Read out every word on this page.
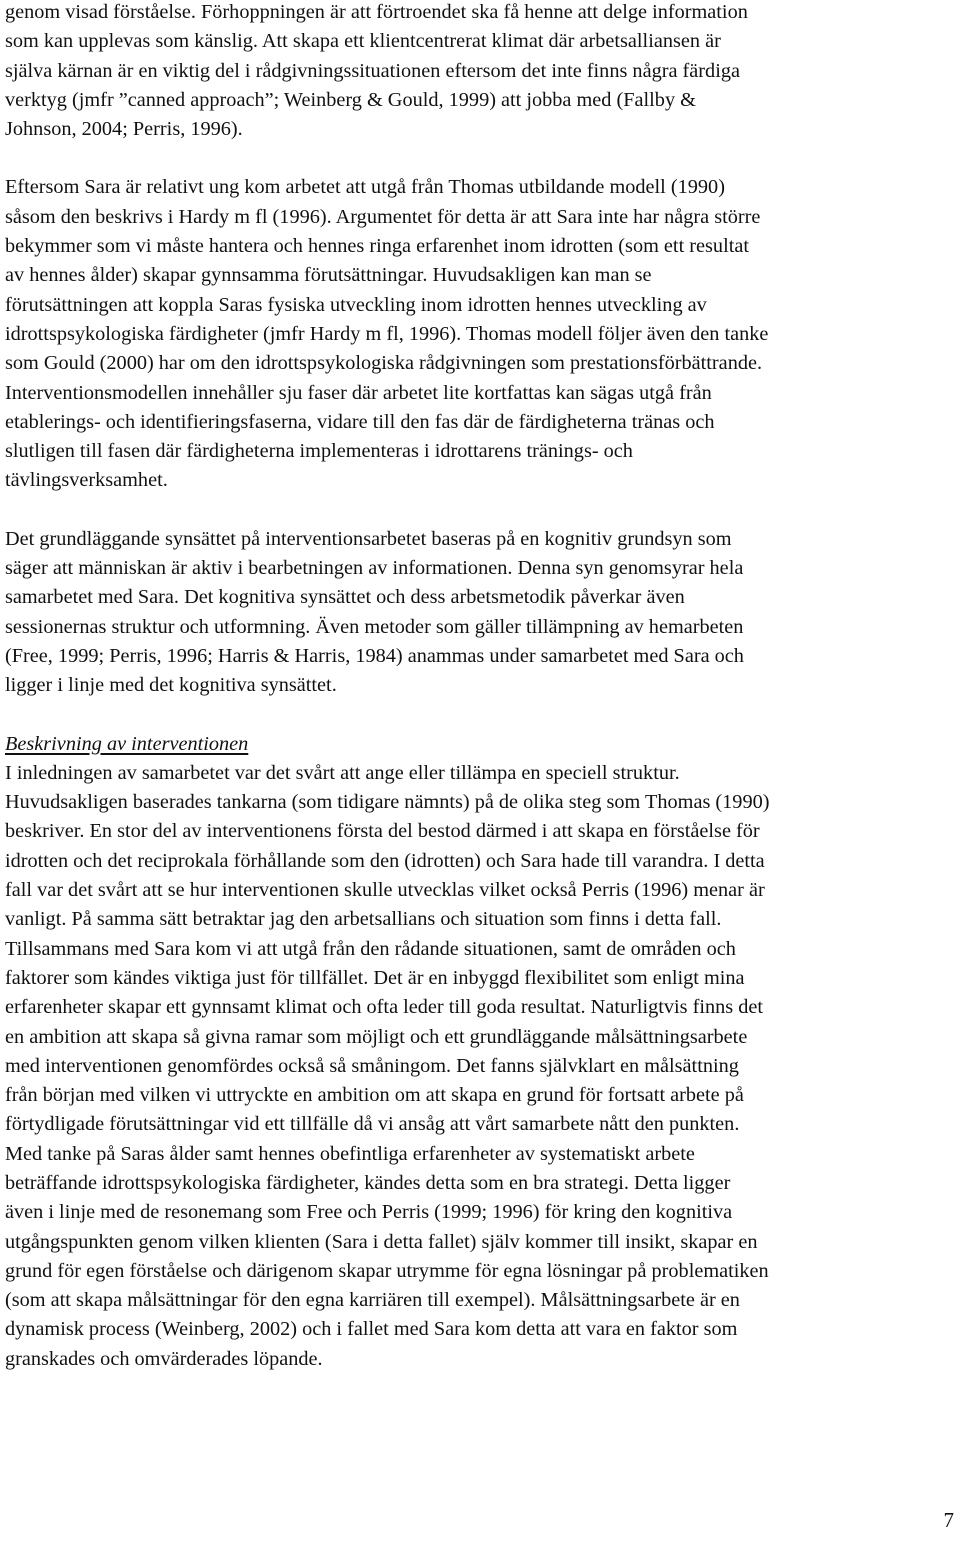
genom visad förståelse. Förhoppningen är att förtroendet ska få henne att delge information
som kan upplevas som känslig. Att skapa ett klientcentrerat klimat där arbetsalliansen är
själva kärnan är en viktig del i rådgivningssituationen eftersom det inte finns några färdiga
verktyg (jmfr ”canned approach”; Weinberg & Gould, 1999) att jobba med (Fallby &
Johnson, 2004; Perris, 1996).

Eftersom Sara är relativt ung kom arbetet att utgå från Thomas utbildande modell (1990)
såsom den beskrivs i Hardy m fl (1996). Argumentet för detta är att Sara inte har några större
bekymmer som vi måste hantera och hennes ringa erfarenhet inom idrotten (som ett resultat
av hennes ålder) skapar gynnsamma förutsättningar. Huvudsakligen kan man se
förutsättningen att koppla Saras fysiska utveckling inom idrotten hennes utveckling av
idrottspsykologiska färdigheter (jmfr Hardy m fl, 1996). Thomas modell följer även den tanke
som Gould (2000) har om den idrottspsykologiska rådgivningen som prestationsförbättrande.
Interventionsmodellen innehåller sju faser där arbetet lite kortfattas kan sägas utgå från
etablerings- och identifieringsfaserna, vidare till den fas där de färdigheterna tränas och
slutligen till fasen där färdigheterna implementeras i idrottarens tränings- och
tävlingsverksamhet.

Det grundläggande synsättet på interventionsarbetet baseras på en kognitiv grundsyn som
säger att människan är aktiv i bearbetningen av informationen. Denna syn genomsyrar hela
samarbetet med Sara. Det kognitiva synsättet och dess arbetsmetodik påverkar även
sessionernas struktur och utformning. Även metoder som gäller tillämpning av hemarbeten
(Free, 1999; Perris, 1996; Harris & Harris, 1984) anammas under samarbetet med Sara och
ligger i linje med det kognitiva synsättet.

Beskrivning av interventionen

I inledningen av samarbetet var det svårt att ange eller tillämpa en speciell struktur.
Huvudsakligen baserades tankarna (som tidigare nämnts) på de olika steg som Thomas (1990)
beskriver. En stor del av interventionens första del bestod därmed i att skapa en förståelse för
idrotten och det reciprokala förhållande som den (idrotten) och Sara hade till varandra. I detta
fall var det svårt att se hur interventionen skulle utvecklas vilket också Perris (1996) menar är
vanligt. På samma sätt betraktar jag den arbetsallians och situation som finns i detta fall.
Tillsammans med Sara kom vi att utgå från den rådande situationen, samt de områden och
faktorer som kändes viktiga just för tillfället. Det är en inbyggd flexibilitet som enligt mina
erfarenheter skapar ett gynnsamt klimat och ofta leder till goda resultat. Naturligtvis finns det
en ambition att skapa så givna ramar som möjligt och ett grundläggande målsättningsarbete
med interventionen genomfördes också så småningom. Det fanns självklart en målsättning
från början med vilken vi uttryckte en ambition om att skapa en grund för fortsatt arbete på
förtydligade förutsättningar vid ett tillfälle då vi ansåg att vårt samarbete nått den punkten.
Med tanke på Saras ålder samt hennes obefintliga erfarenheter av systematiskt arbete
beträffande idrottspsykologiska färdigheter, kändes detta som en bra strategi. Detta ligger
även i linje med de resonemang som Free och Perris (1999; 1996) för kring den kognitiva
utgångspunkten genom vilken klienten (Sara i detta fallet) själv kommer till insikt, skapar en
grund för egen förståelse och därigenom skapar utrymme för egna lösningar på problematiken
(som att skapa målsättningar för den egna karriären till exempel). Målsättningsarbete är en
dynamisk process (Weinberg, 2002) och i fallet med Sara kom detta att vara en faktor som
granskades och omvärderades löpande.

7
